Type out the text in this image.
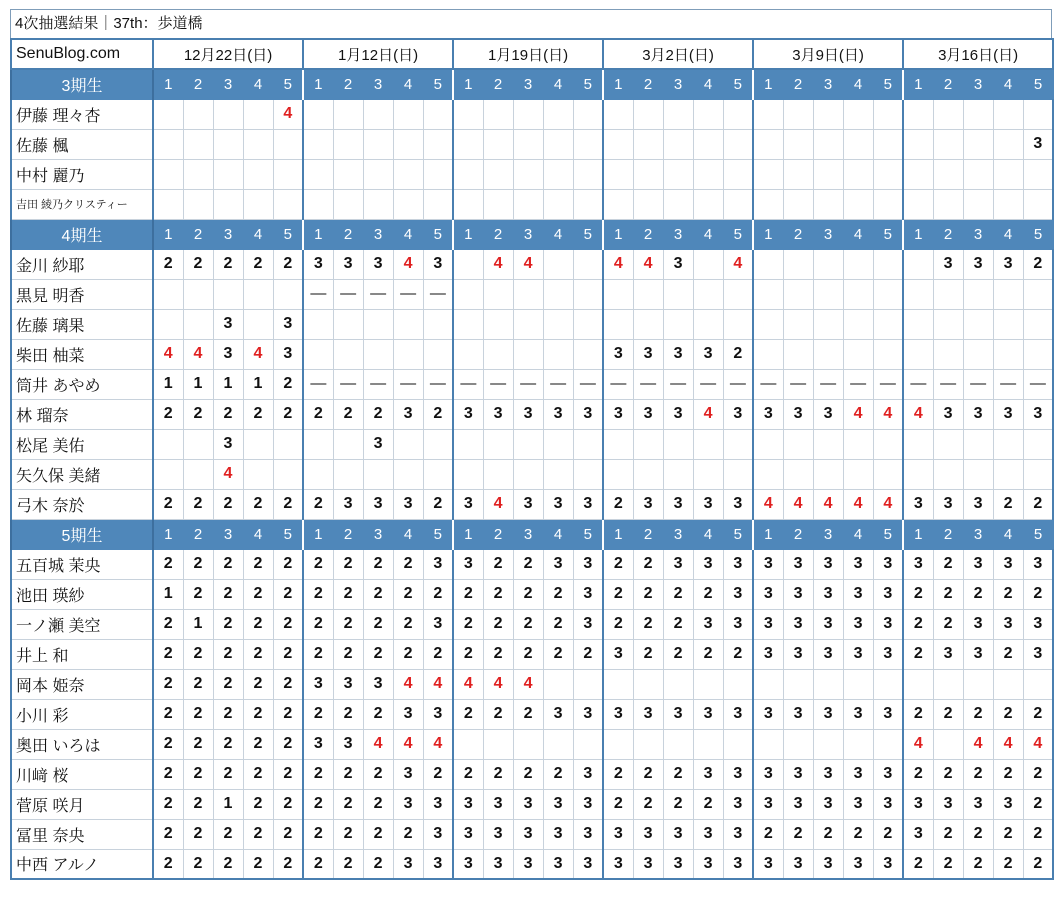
4次抽選結果｜37th：歩道橋
SenuBlog.com	12月22日(日)					1月12日(日)					1月19日(日)					3月2日(日)					3月9日(日)					3月16日(日)				
3期生	1	2	3	4	5	1	2	3	4	5	1	2	3	4	5	1	2	3	4	5	1	2	3	4	5	1	2	3	4	5
伊藤 理々杏					4																									
佐藤 楓																														3
中村 麗乃																														
吉田 綾乃クリスティー																														
4期生	1	2	3	4	5	1	2	3	4	5	1	2	3	4	5	1	2	3	4	5	1	2	3	4	5	1	2	3	4	5
金川 紗耶	2	2	2	2	2	3	3	3	4	3		4	4			4	4	3		4							3	3	3	2
黒見 明香						—	—	—	—	—																				
佐藤 璃果			3		3																									
柴田 柚菜	4	4	3	4	3											3	3	3	3	2										
筒井 あやめ	1	1	1	1	2	—	—	—	—	—	—	—	—	—	—	—	—	—	—	—	—	—	—	—	—	—	—	—	—	—
林 瑠奈	2	2	2	2	2	2	2	2	3	2	3	3	3	3	3	3	3	3	4	3	3	3	3	4	4	4	3	3	3	3
松尾 美佑			3					3																						
矢久保 美緒			4																											
弓木 奈於	2	2	2	2	2	2	3	3	3	2	3	4	3	3	3	2	3	3	3	3	4	4	4	4	4	3	3	3	2	2
5期生	1	2	3	4	5	1	2	3	4	5	1	2	3	4	5	1	2	3	4	5	1	2	3	4	5	1	2	3	4	5
五百城 茉央	2	2	2	2	2	2	2	2	2	3	3	2	2	3	3	2	2	3	3	3	3	3	3	3	3	3	2	3	3	3
池田 瑛紗	1	2	2	2	2	2	2	2	2	2	2	2	2	2	3	2	2	2	2	3	3	3	3	3	3	2	2	2	2	2
一ノ瀬 美空	2	1	2	2	2	2	2	2	2	3	2	2	2	2	3	2	2	2	3	3	3	3	3	3	3	2	2	3	3	3
井上 和	2	2	2	2	2	2	2	2	2	2	2	2	2	2	2	3	2	2	2	2	3	3	3	3	3	2	3	3	2	3
岡本 姫奈	2	2	2	2	2	3	3	3	4	4	4	4	4																	
小川 彩	2	2	2	2	2	2	2	2	3	3	2	2	2	3	3	3	3	3	3	3	3	3	3	3	3	2	2	2	2	2
奥田 いろは	2	2	2	2	2	3	3	4	4	4																4		4	4	4
川﨑 桜	2	2	2	2	2	2	2	2	3	2	2	2	2	2	3	2	2	2	3	3	3	3	3	3	3	2	2	2	2	2
菅原 咲月	2	2	1	2	2	2	2	2	3	3	3	3	3	3	3	2	2	2	2	3	3	3	3	3	3	3	3	3	3	2
冨里 奈央	2	2	2	2	2	2	2	2	2	3	3	3	3	3	3	3	3	3	3	3	2	2	2	2	2	3	2	2	2	2
中西 アルノ	2	2	2	2	2	2	2	2	3	3	3	3	3	3	3	3	3	3	3	3	3	3	3	3	3	2	2	2	2	2
